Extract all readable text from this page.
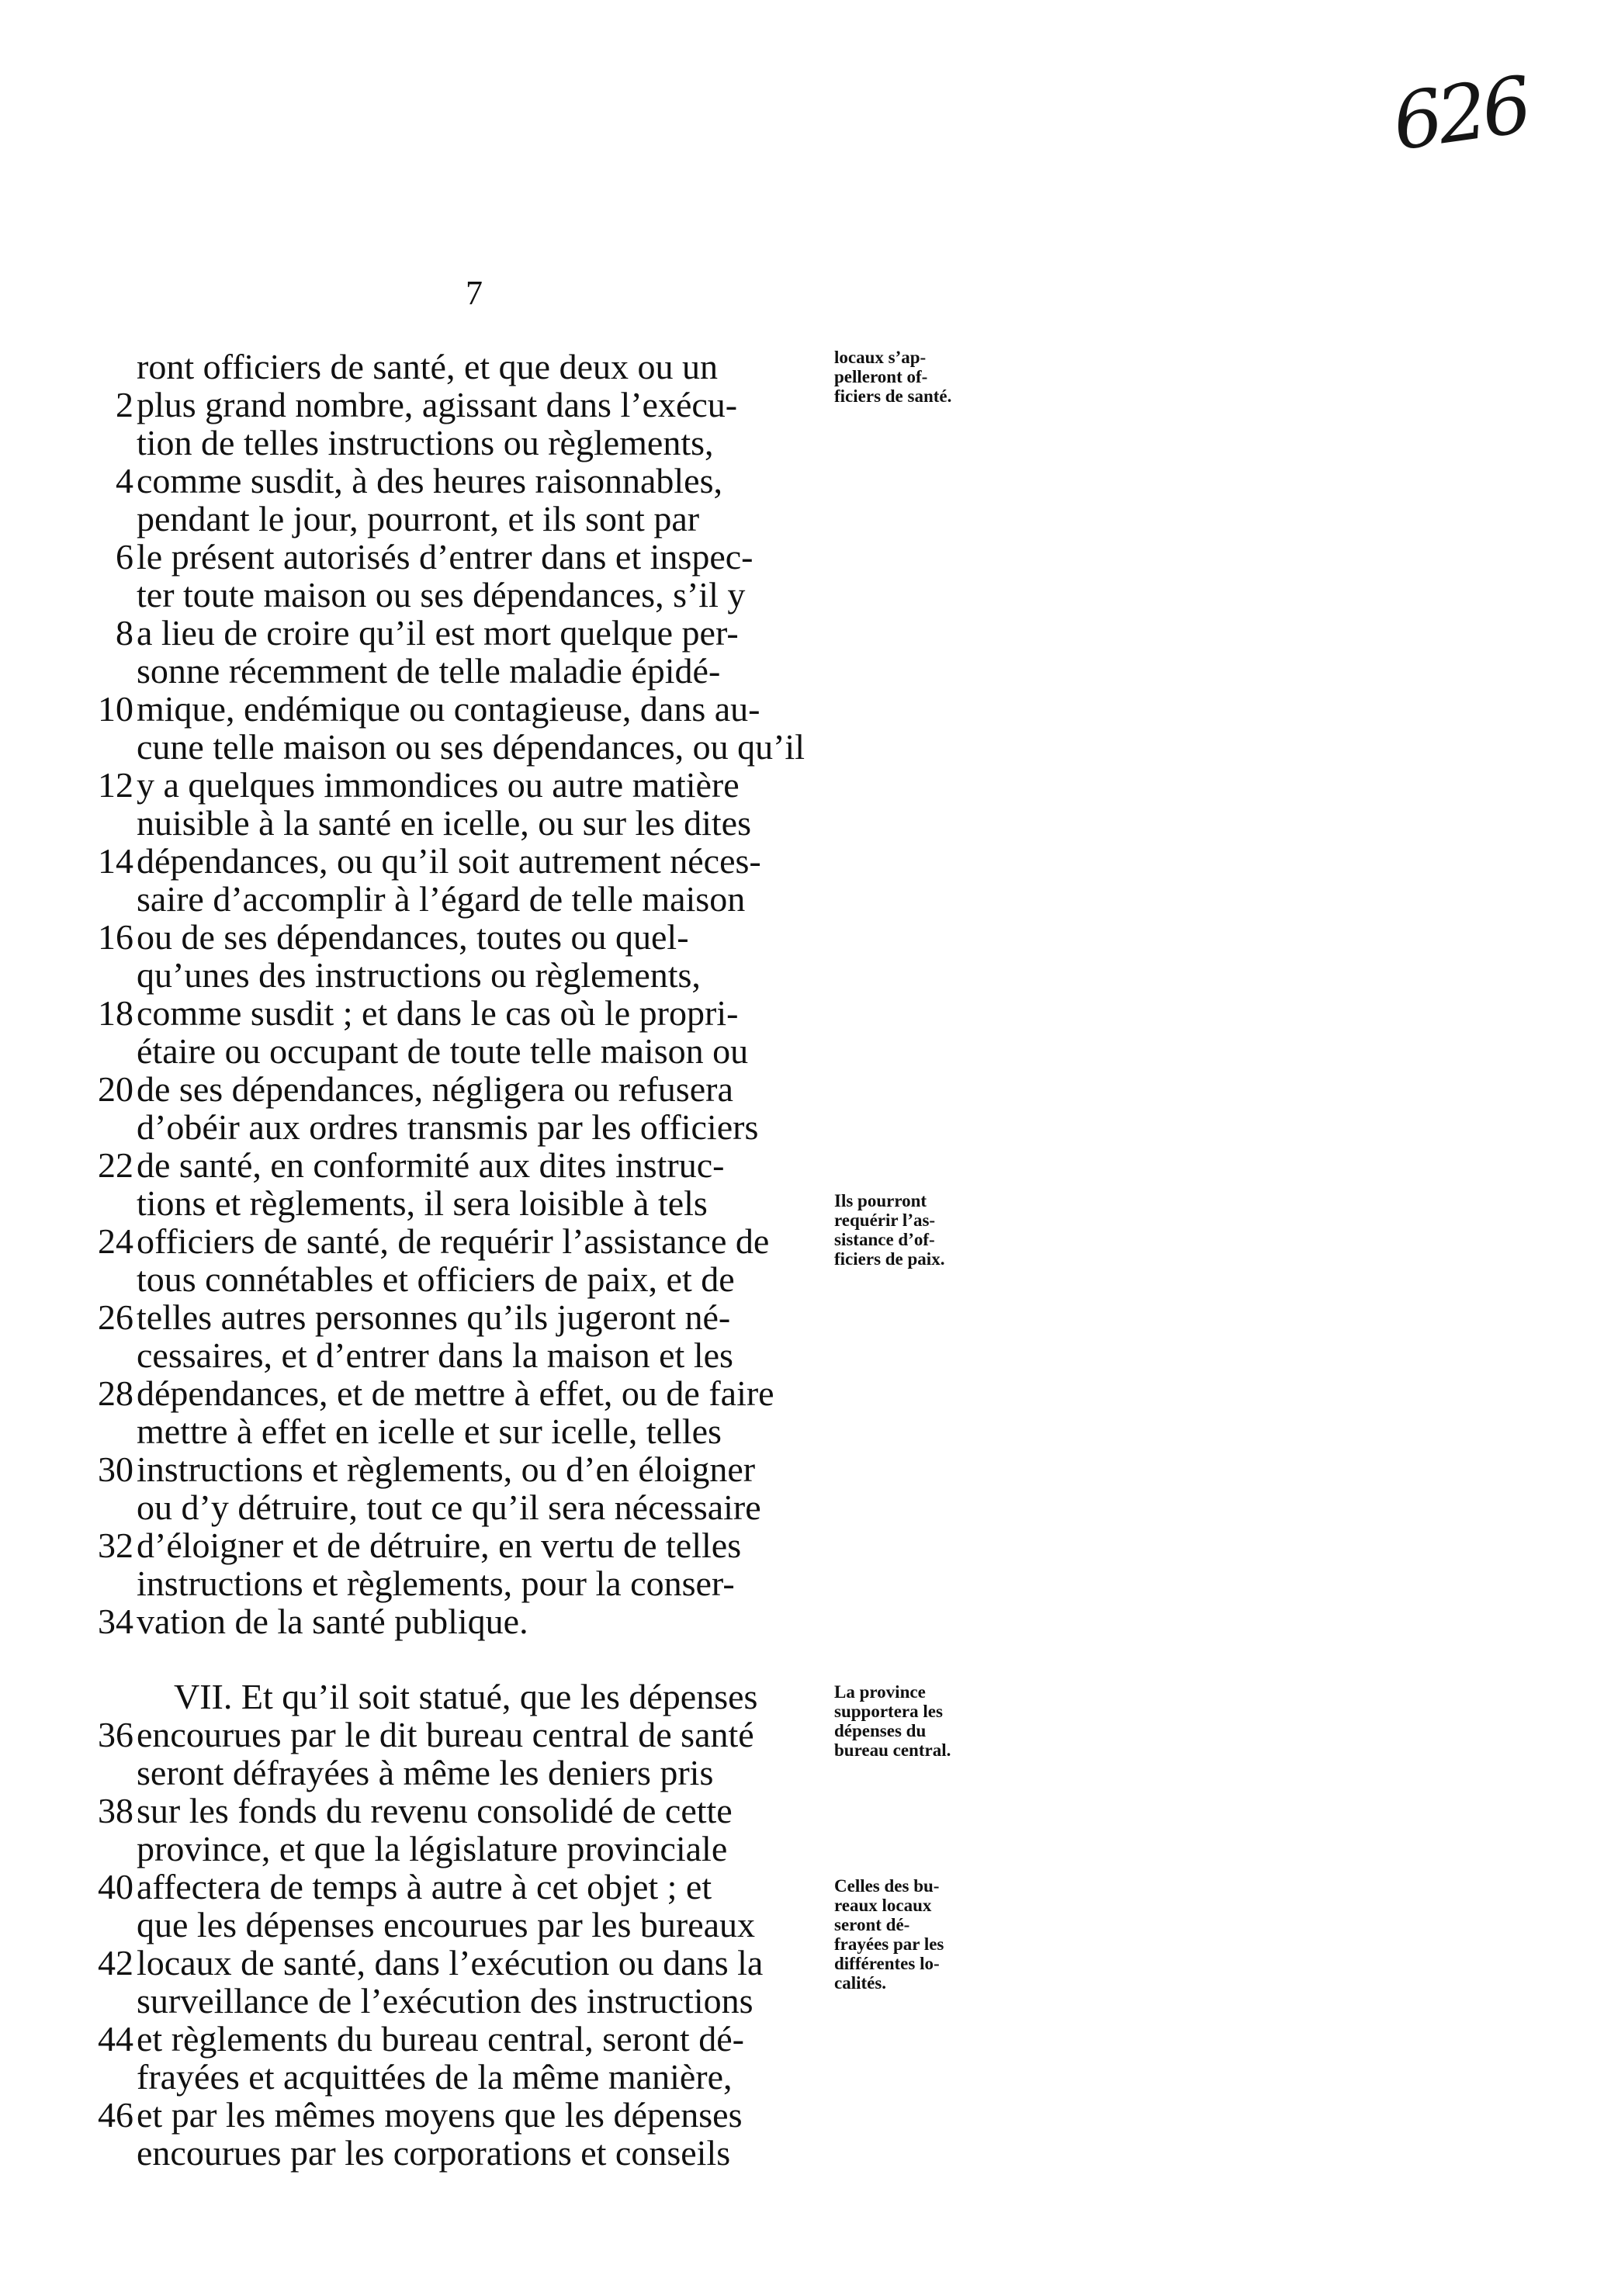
626
7
ront officiers de santé, et que deux ou un
2 plus grand nombre, agissant dans l’exécu-
tion de telles instructions ou règlements,
4 comme susdit, à des heures raisonnables,
pendant le jour, pourront, et ils sont par
6 le présent autorisés d’entrer dans et inspec-
ter toute maison ou ses dépendances, s’il y
8 a lieu de croire qu’il est mort quelque per-
sonne récemment de telle maladie épidé-
10 mique, endémique ou contagieuse, dans au-
cune telle maison ou ses dépendances, ou qu’il
12 y a quelques immondices ou autre matière
nuisible à la santé en icelle, ou sur les dites
14 dépendances, ou qu’il soit autrement néces-
saire d’accomplir à l’égard de telle maison
16 ou de ses dépendances, toutes ou quel-
qu’unes des instructions ou règlements,
18 comme susdit ; et dans le cas où le propri-
étaire ou occupant de toute telle maison ou
20 de ses dépendances, négligera ou refusera
d’obéir aux ordres transmis par les officiers
22 de santé, en conformité aux dites instruc-
tions et règlements, il sera loisible à tels
24 officiers de santé, de requérir l’assistance de
tous connétables et officiers de paix, et de
26 telles autres personnes qu’ils jugeront né-
cessaires, et d’entrer dans la maison et les
28 dépendances, et de mettre à effet, ou de faire
mettre à effet en icelle et sur icelle, telles
30 instructions et règlements, ou d’en éloigner
ou d’y détruire, tout ce qu’il sera nécessaire
32 d’éloigner et de détruire, en vertu de telles
instructions et règlements, pour la conser-
34 vation de la santé publique.
VII. Et qu’il soit statué, que les dépenses
36 encourues par le dit bureau central de santé
seront défrayées à même les deniers pris
38 sur les fonds du revenu consolidé de cette
province, et que la législature provinciale
40 affectera de temps à autre à cet objet ; et
que les dépenses encourues par les bureaux
42 locaux de santé, dans l’exécution ou dans la
surveillance de l’exécution des instructions
44 et règlements du bureau central, seront dé-
frayées et acquittées de la même manière,
46 et par les mêmes moyens que les dépenses
encourues par les corporations et conseils
locaux s’ap-
pelleront of-
ficiers de santé.
Ils pourront
requérir l’as-
sistance d’of-
ficiers de paix.
La province
supportera les
dépenses du
bureau central.
Celles des bu-
reaux locaux
seront dé-
frayées par les
différentes lo-
calités.
